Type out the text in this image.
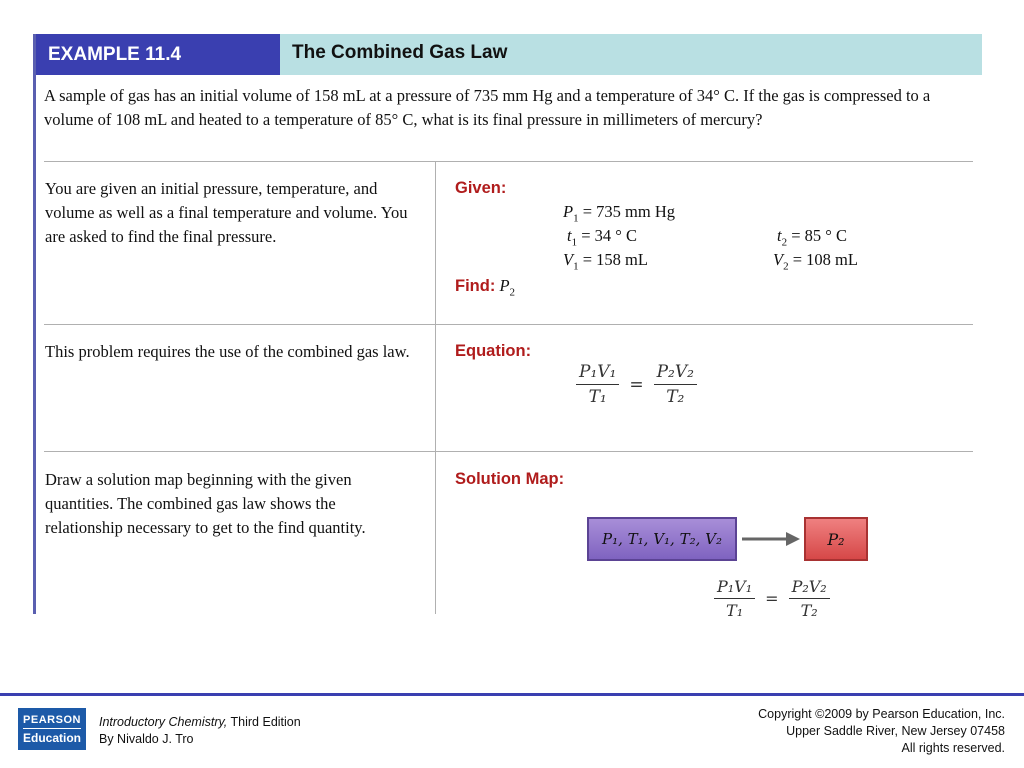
EXAMPLE 11.4	The Combined Gas Law
A sample of gas has an initial volume of 158 mL at a pressure of 735 mm Hg and a temperature of 34° C. If the gas is compressed to a volume of 108 mL and heated to a temperature of 85° C, what is its final pressure in millimeters of mercury?
You are given an initial pressure, temperature, and volume as well as a final temperature and volume. You are asked to find the final pressure.
Given:
$P_1 = 735$ mm Hg
$t_1 = 34$ ° C	$t_2 = 85$ ° C
$V_1 = 158$ mL	$V_2 = 108$ mL
Find: $P_2$
This problem requires the use of the combined gas law.	Equation:
$\frac{\text{P₁V₁}}{\text{T₁}} = \frac{\text{P₂V₂}}{\text{T₂}}$
Draw a solution map beginning with the given quantities. The combined gas law shows the relationship necessary to get to the find quantity.
Solution Map:
P₁, T₁, V₁, T₂, V₂	P₂
$\frac{\text{P₁V₁}}{\text{T₁}} = \frac{\text{P₂V₂}}{\text{T₂}}$
PEARSON
Education
Introductory Chemistry, Third Edition
By Nivaldo J. Tro
Copyright ©2009 by Pearson Education, Inc.
Upper Saddle River, New Jersey 07458
All rights reserved.
